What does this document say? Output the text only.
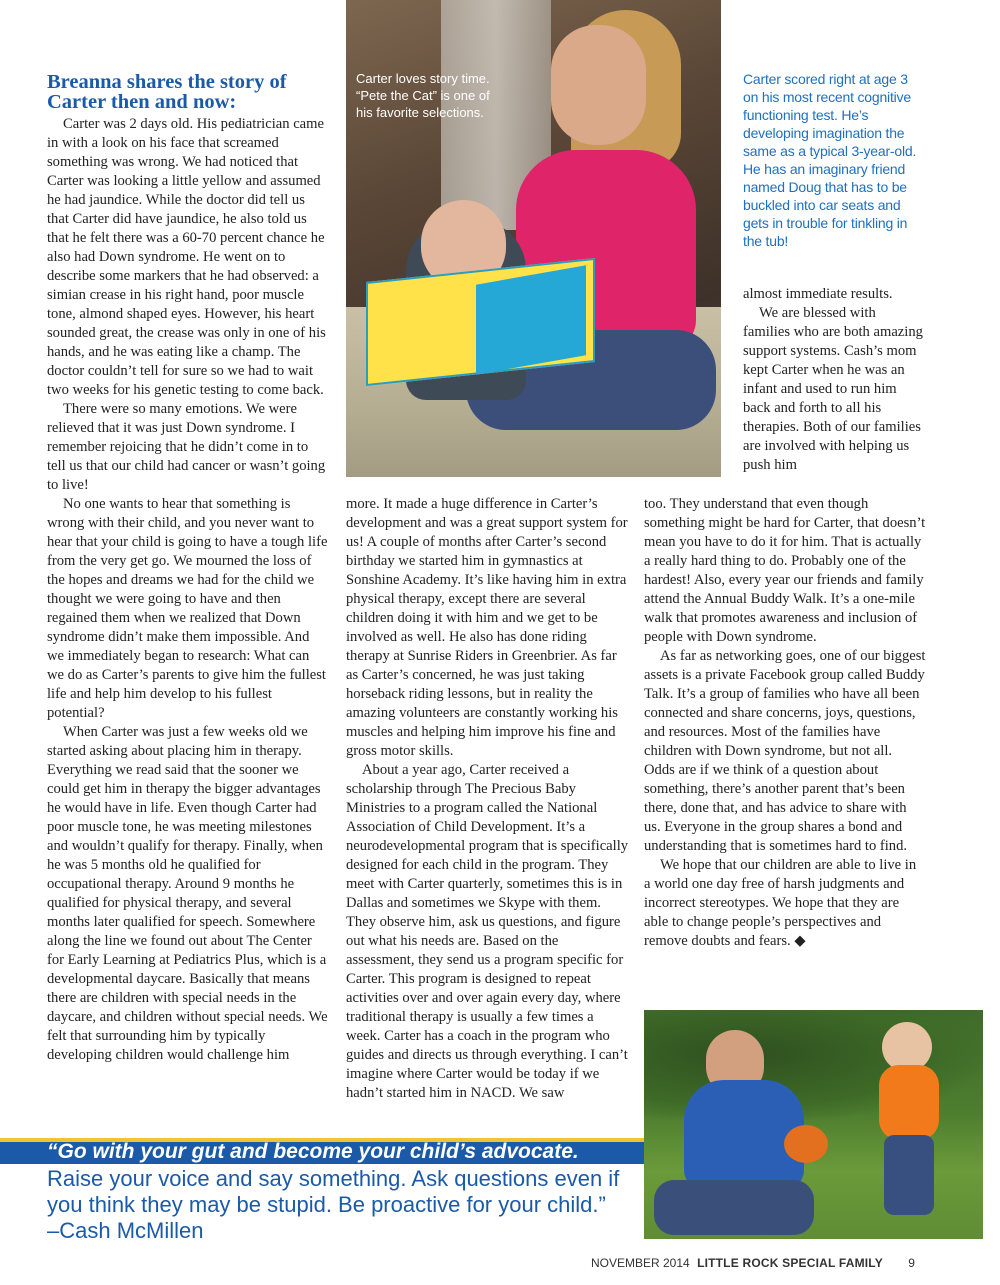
Carter loves story time. “Pete the Cat” is one of his favorite selections.
Breanna shares the story of Carter then and now:
Carter scored right at age 3 on his most recent cognitive functioning test. He’s developing imagination the same as a typical 3-year-old. He has an imaginary friend named Doug that has to be buckled into car seats and gets in trouble for tinkling in the tub!

Carter was 2 days old. His pediatrician came in with a look on his face that screamed something was wrong. We had noticed that Carter was looking a little yellow and assumed he had jaundice. While the doctor did tell us that Carter did have jaundice, he also told us that he felt there was a 60-70 percent chance he also had Down syndrome. He went on to describe some markers that he had observed: a simian crease in his right hand, poor muscle tone, almond shaped eyes. However, his heart sounded great, the crease was only in one of his hands, and he was eating like a champ. The doctor couldn’t tell for sure so we had to wait two weeks for his genetic testing to come back.

There were so many emotions. We were relieved that it was just Down syndrome. I remember rejoicing that he didn’t come in to tell us that our child had cancer or wasn’t going to live!

No one wants to hear that something is wrong with their child, and you never want to hear that your child is going to have a tough life from the very get go. We mourned the loss of the hopes and dreams we had for the child we thought we were going to have and then regained them when we realized that Down syndrome didn’t make them impossible. And we immediately began to research: What can we do as Carter’s parents to give him the fullest life and help him develop to his fullest potential?

When Carter was just a few weeks old we started asking about placing him in therapy. Everything we read said that the sooner we could get him in therapy the bigger advantages he would have in life. Even though Carter had poor muscle tone, he was meeting milestones and wouldn’t qualify for therapy. Finally, when he was 5 months old he qualified for occupational therapy. Around 9 months he qualified for physical therapy, and several months later qualified for speech. Somewhere along the line we found out about The Center for Early Learning at Pediatrics Plus, which is a developmental daycare. Basically that means there are children with special needs in the daycare, and children without special needs. We felt that surrounding him by typically developing children would challenge him

more. It made a huge difference in Carter’s development and was a great support system for us! A couple of months after Carter’s second birthday we started him in gymnastics at Sonshine Academy. It’s like having him in extra physical therapy, except there are several children doing it with him and we get to be involved as well. He also has done riding therapy at Sunrise Riders in Greenbrier. As far as Carter’s concerned, he was just taking horseback riding lessons, but in reality the amazing volunteers are constantly working his muscles and helping him improve his fine and gross motor skills.

About a year ago, Carter received a scholarship through The Precious Baby Ministries to a program called the National Association of Child Development. It’s a neurodevelopmental program that is specifically designed for each child in the program. They meet with Carter quarterly, sometimes this is in Dallas and sometimes we Skype with them. They observe him, ask us questions, and figure out what his needs are. Based on the assessment, they send us a program specific for Carter. This program is designed to repeat activities over and over again every day, where traditional therapy is usually a few times a week. Carter has a coach in the program who guides and directs us through everything. I can’t imagine where Carter would be today if we hadn’t started him in NACD. We saw

almost immediate results.

We are blessed with families who are both amazing support systems. Cash’s mom kept Carter when he was an infant and used to run him back and forth to all his therapies. Both of our families are involved with helping us push him

too. They understand that even though something might be hard for Carter, that doesn’t mean you have to do it for him. That is actually a really hard thing to do. Probably one of the hardest! Also, every year our friends and family attend the Annual Buddy Walk. It’s a one-mile walk that promotes awareness and inclusion of people with Down syndrome.

As far as networking goes, one of our biggest assets is a private Facebook group called Buddy Talk. It’s a group of families who have all been connected and share concerns, joys, questions, and resources. Most of the families have children with Down syndrome, but not all. Odds are if we think of a question about something, there’s another parent that’s been there, done that, and has advice to share with us. Everyone in the group shares a bond and understanding that is sometimes hard to find.

We hope that our children are able to live in a world one day free of harsh judgments and incorrect stereotypes. We hope that they are able to change people’s perspectives and remove doubts and fears. ◆

“Go with your gut and become your child’s advocate.
Raise your voice and say something. Ask questions even if you think they may be stupid. Be proactive for your child.”
–Cash McMillen
NOVEMBER 2014 LITTLE ROCK SPECIAL FAMILY 9
